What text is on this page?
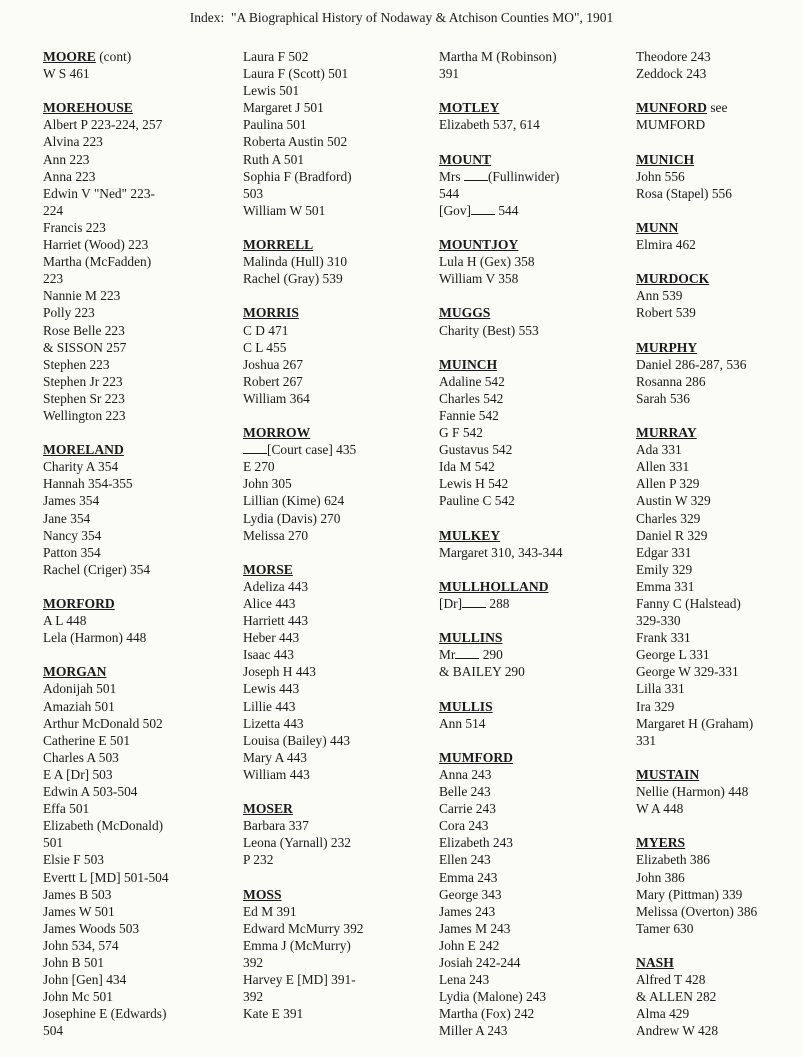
Index:  "A Biographical History of Nodaway & Atchison Counties MO", 1901
MOORE (cont)
W S 461
MOREHOUSE
Albert P 223-224, 257
Alvina 223
Ann 223
Anna 223
Edwin V "Ned" 223-
224
Francis 223
Harriet (Wood) 223
Martha (McFadden)
223
Nannie M 223
Polly 223
Rose Belle 223
& SISSON 257
Stephen 223
Stephen Jr 223
Stephen Sr 223
Wellington 223
MORELAND
Charity A 354
Hannah 354-355
James 354
Jane 354
Nancy 354
Patton 354
Rachel (Criger) 354
MORFORD
A L 448
Lela (Harmon) 448
MORGAN
Adonijah 501
Amaziah 501
Arthur McDonald 502
Catherine E 501
Charles A 503
E A [Dr] 503
Edwin A 503-504
Effa 501
Elizabeth (McDonald)
501
Elsie F 503
Evertt L [MD] 501-504
James B 503
James W 501
James Woods 503
John 534, 574
John B 501
John [Gen] 434
John Mc 501
Josephine E (Edwards)
504
Laura F 502
Laura F (Scott) 501
Lewis 501
Margaret J 501
Paulina 501
Roberta Austin 502
Ruth A 501
Sophia F (Bradford)
503
William W 501
MORRELL
Malinda (Hull) 310
Rachel (Gray) 539
MORRIS
C D 471
C L 455
Joshua 267
Robert 267
William 364
MORROW
[Court case] 435
E 270
John 305
Lillian (Kime) 624
Lydia (Davis) 270
Melissa 270
MORSE
Adeliza 443
Alice 443
Harriett 443
Heber 443
Isaac 443
Joseph H 443
Lewis 443
Lillie 443
Lizetta 443
Louisa (Bailey) 443
Mary A 443
William 443
MOSER
Barbara 337
Leona (Yarnall) 232
P 232
MOSS
Ed M 391
Edward McMurry 392
Emma J (McMurry)
392
Harvey E [MD] 391-
392
Kate E 391
Martha M (Robinson)
391
MOTLEY
Elizabeth 537, 614
MOUNT
Mrs (Fullinwider)
544
[Gov] 544
MOUNTJOY
Lula H (Gex) 358
William V 358
MUGGS
Charity (Best) 553
MUINCH
Adaline 542
Charles 542
Fannie 542
G F 542
Gustavus 542
Ida M 542
Lewis H 542
Pauline C 542
MULKEY
Margaret 310, 343-344
MULLHOLLAND
[Dr] 288
MULLINS
Mr 290
& BAILEY 290
MULLIS
Ann 514
MUMFORD
Anna 243
Belle 243
Carrie 243
Cora 243
Elizabeth 243
Ellen 243
Emma 243
George 343
James 243
James M 243
John E 242
Josiah 242-244
Lena 243
Lydia (Malone) 243
Martha (Fox) 242
Miller A 243
Theodore 243
Zeddock 243
MUNFORD see
MUMFORD
MUNICH
John 556
Rosa (Stapel) 556
MUNN
Elmira 462
MURDOCK
Ann 539
Robert 539
MURPHY
Daniel 286-287, 536
Rosanna 286
Sarah 536
MURRAY
Ada 331
Allen 331
Allen P 329
Austin W 329
Charles 329
Daniel R 329
Edgar 331
Emily 329
Emma 331
Fanny C (Halstead)
329-330
Frank 331
George L 331
George W 329-331
Lilla 331
Ira 329
Margaret H (Graham)
331
MUSTAIN
Nellie (Harmon) 448
W A 448
MYERS
Elizabeth 386
John 386
Mary (Pittman) 339
Melissa (Overton) 386
Tamer 630
NASH
Alfred T 428
& ALLEN 282
Alma 429
Andrew W 428
